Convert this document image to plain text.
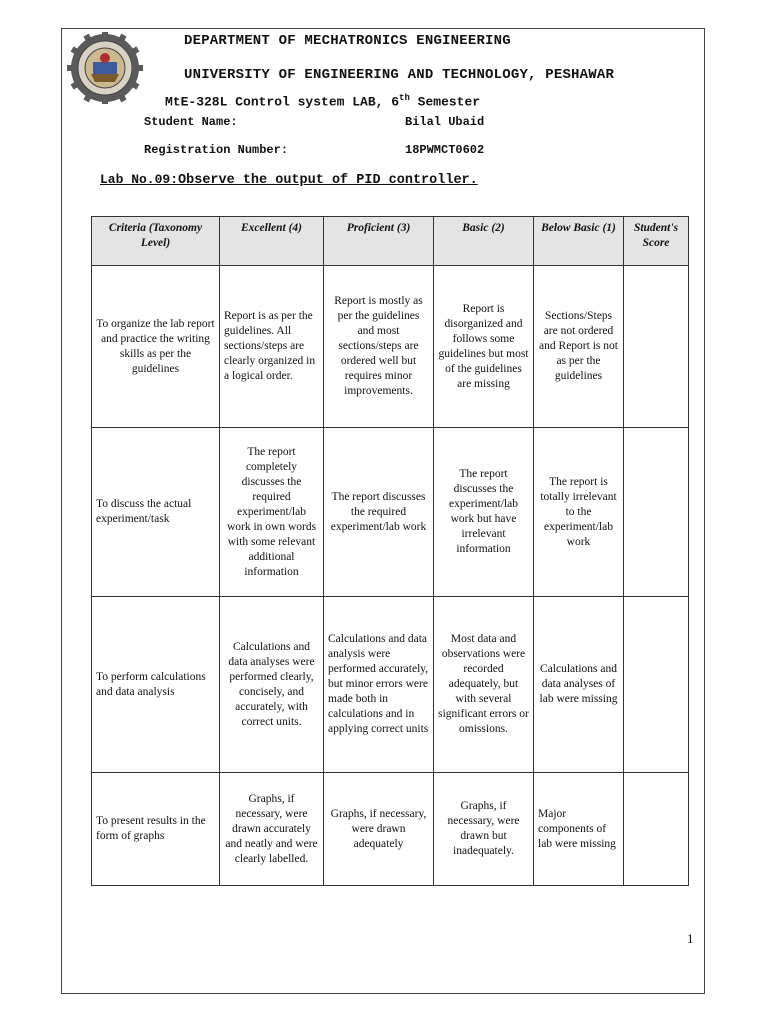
DEPARTMENT OF MECHATRONICS ENGINEERING
UNIVERSITY OF ENGINEERING AND TECHNOLOGY, PESHAWAR
MtE-328L Control system LAB, 6th Semester
Student Name:	Bilal Ubaid
Registration Number:	18PWMCT0602
Lab No.09:Observe the output of PID controller.
Criteria (Taxonomy Level)	Excellent (4)	Proficient (3)	Basic (2)	Below Basic (1)	Student's Score
To organize the lab report and practice the writing skills as per the guidelines	Report is as per the guidelines. All sections/steps are clearly organized in a logical order.	Report is mostly as per the guidelines and most sections/steps are ordered well but requires minor improvements.	Report is disorganized and follows some guidelines but most of the guidelines are missing	Sections/Steps are not ordered and Report is not as per the guidelines	
To discuss the actual experiment/task	The report completely discusses the required experiment/lab work in own words with some relevant additional information	The report discusses the required experiment/lab work	The report discusses the experiment/lab work but have irrelevant information	The report is totally irrelevant to the experiment/lab work	
To perform calculations and data analysis	Calculations and data analyses were performed clearly, concisely, and accurately, with correct units.	Calculations and data analysis were performed accurately, but minor errors were made both in calculations and in applying correct units	Most data and observations were recorded adequately, but with several significant errors or omissions.	Calculations and data analyses of lab were missing	
To present results in the form of graphs	Graphs, if necessary, were drawn accurately and neatly and were clearly labelled.	Graphs, if necessary, were drawn adequately	Graphs, if necessary, were drawn but inadequately.	Major components of lab were missing	
1
